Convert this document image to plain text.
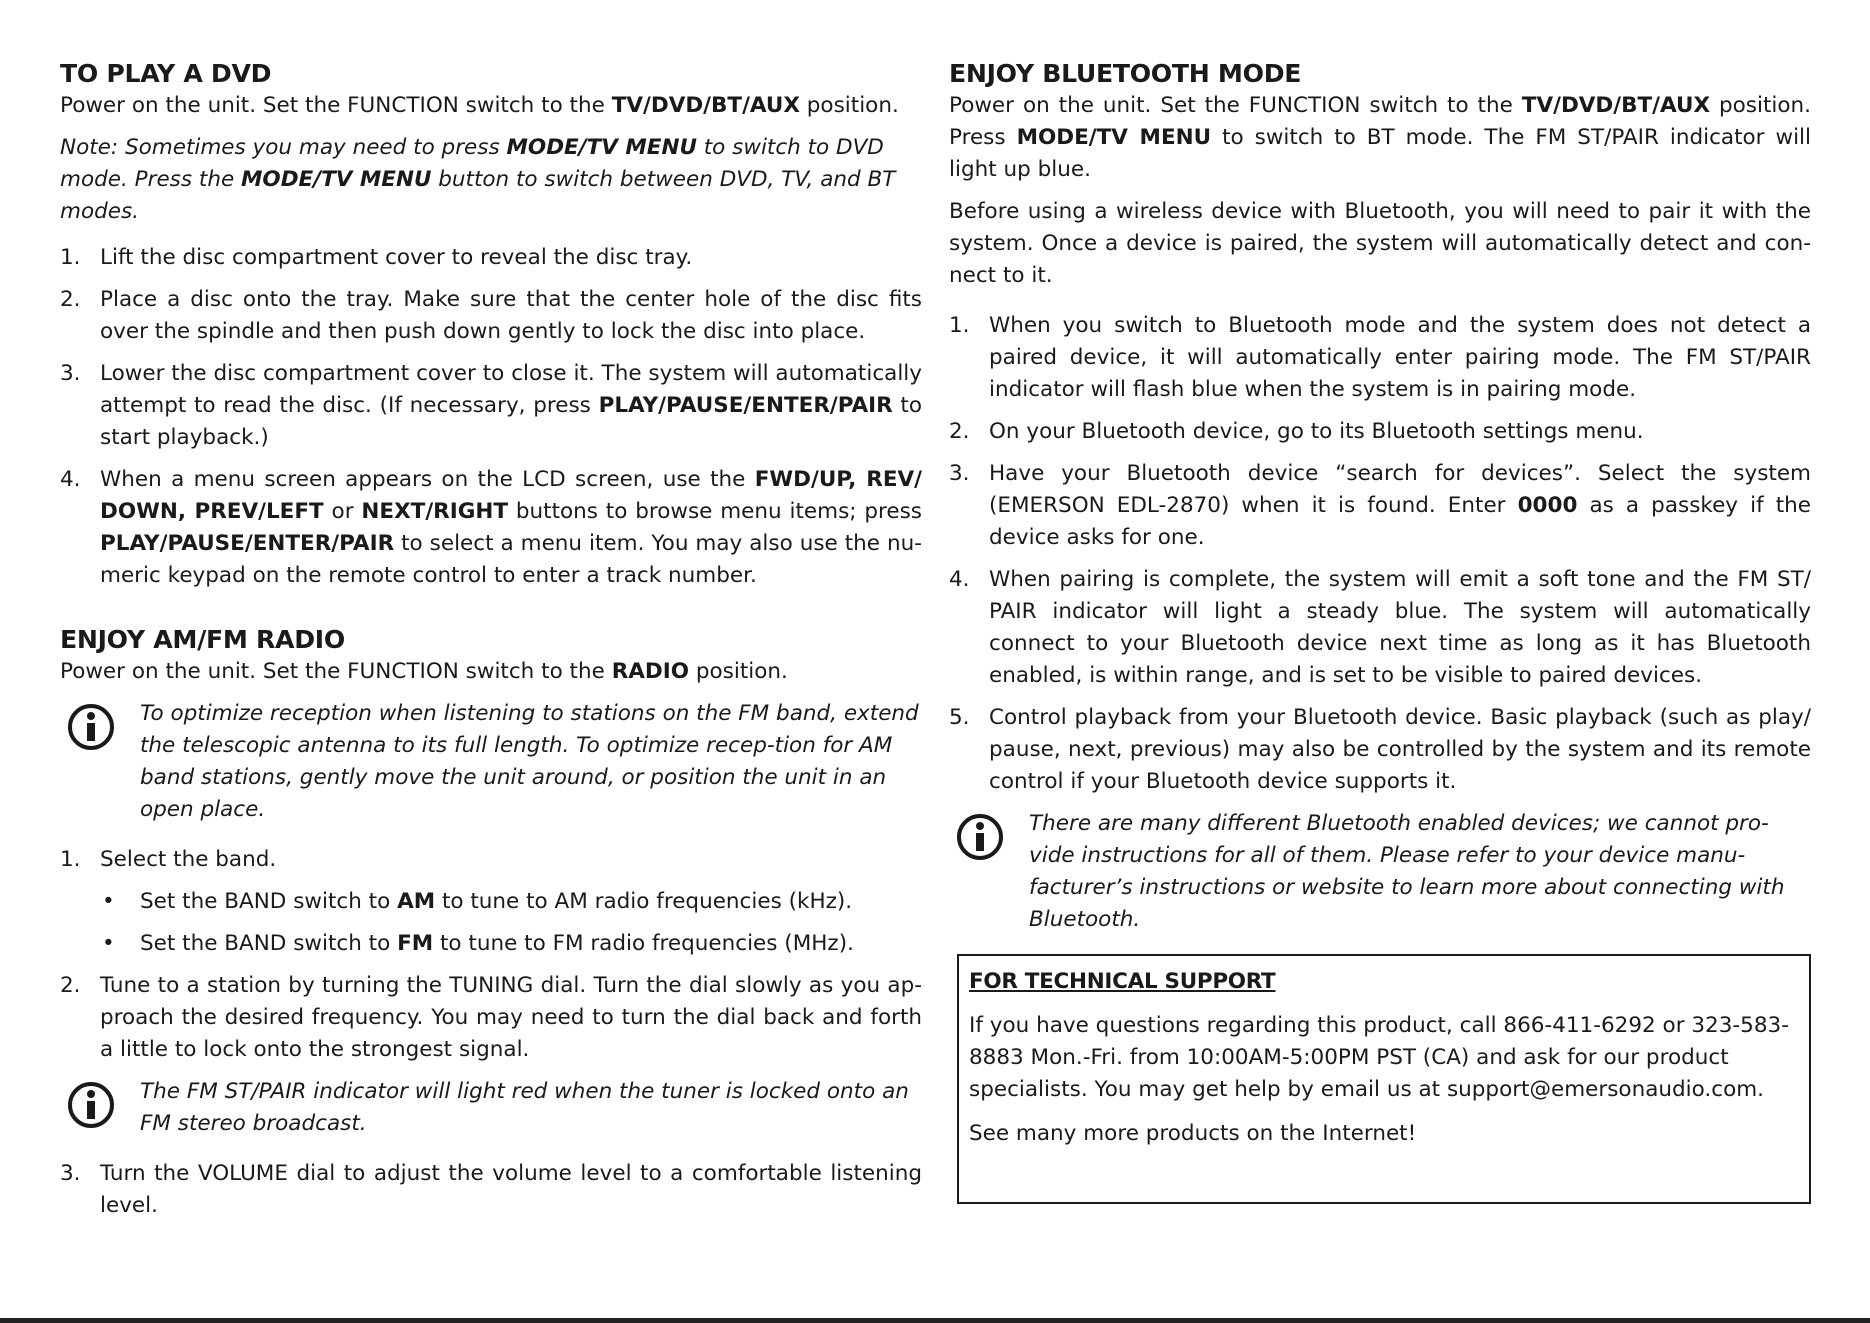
TO PLAY A DVD

Power on the unit. Set the FUNCTION switch to the TV/DVD/BT/AUX position.

Note: Sometimes you may need to press MODE/TV MENU to switch to DVD mode. Press the MODE/TV MENU button to switch between DVD, TV, and BT modes.

1. Lift the disc compartment cover to reveal the disc tray.
2. Place a disc onto the tray. Make sure that the center hole of the disc fits over the spindle and then push down gently to lock the disc into place.
3. Lower the disc compartment cover to close it. The system will automatically attempt to read the disc. (If necessary, press PLAY/PAUSE/ENTER/PAIR to start playback.)
4. When a menu screen appears on the LCD screen, use the FWD/UP, REV/ DOWN, PREV/LEFT or NEXT/RIGHT buttons to browse menu items; press PLAY/PAUSE/ENTER/PAIR to select a menu item. You may also use the nu-meric keypad on the remote control to enter a track number.
ENJOY AM/FM RADIO

Power on the unit. Set the FUNCTION switch to the RADIO position.

To optimize reception when listening to stations on the FM band, extend the telescopic antenna to its full length. To optimize recep-tion for AM band stations, gently move the unit around, or position the unit in an open place.
1. Select the band.
• Set the BAND switch to AM to tune to AM radio frequencies (kHz).
• Set the BAND switch to FM to tune to FM radio frequencies (MHz).
2. Tune to a station by turning the TUNING dial. Turn the dial slowly as you ap-proach the desired frequency. You may need to turn the dial back and forth a little to lock onto the strongest signal.
The FM ST/PAIR indicator will light red when the tuner is locked onto an FM stereo broadcast.
3. Turn the VOLUME dial to adjust the volume level to a comfortable listening level.
ENJOY BLUETOOTH MODE

Power on the unit. Set the FUNCTION switch to the TV/DVD/BT/AUX position. Press MODE/TV MENU to switch to BT mode. The FM ST/PAIR indicator will light up blue.

Before using a wireless device with Bluetooth, you will need to pair it with the system. Once a device is paired, the system will automatically detect and con-nect to it.

1. When you switch to Bluetooth mode and the system does not detect a paired device, it will automatically enter pairing mode. The FM ST/PAIR indicator will flash blue when the system is in pairing mode.
2. On your Bluetooth device, go to its Bluetooth settings menu.
3. Have your Bluetooth device “search for devices”. Select the system (EMERSON EDL-2870) when it is found. Enter 0000 as a passkey if the device asks for one.
4. When pairing is complete, the system will emit a soft tone and the FM ST/ PAIR indicator will light a steady blue. The system will automatically connect to your Bluetooth device next time as long as it has Bluetooth enabled, is within range, and is set to be visible to paired devices.
5. Control playback from your Bluetooth device. Basic playback (such as play/ pause, next, previous) may also be controlled by the system and its remote control if your Bluetooth device supports it.
There are many different Bluetooth enabled devices; we cannot pro-vide instructions for all of them. Please refer to your device manu-facturer’s instructions or website to learn more about connecting with Bluetooth.
FOR TECHNICAL SUPPORT

If you have questions regarding this product, call 866-411-6292 or 323-583-8883 Mon.-Fri. from 10:00AM-5:00PM PST (CA) and ask for our product specialists. You may get help by email us at support@emersonaudio.com.

See many more products on the Internet!
